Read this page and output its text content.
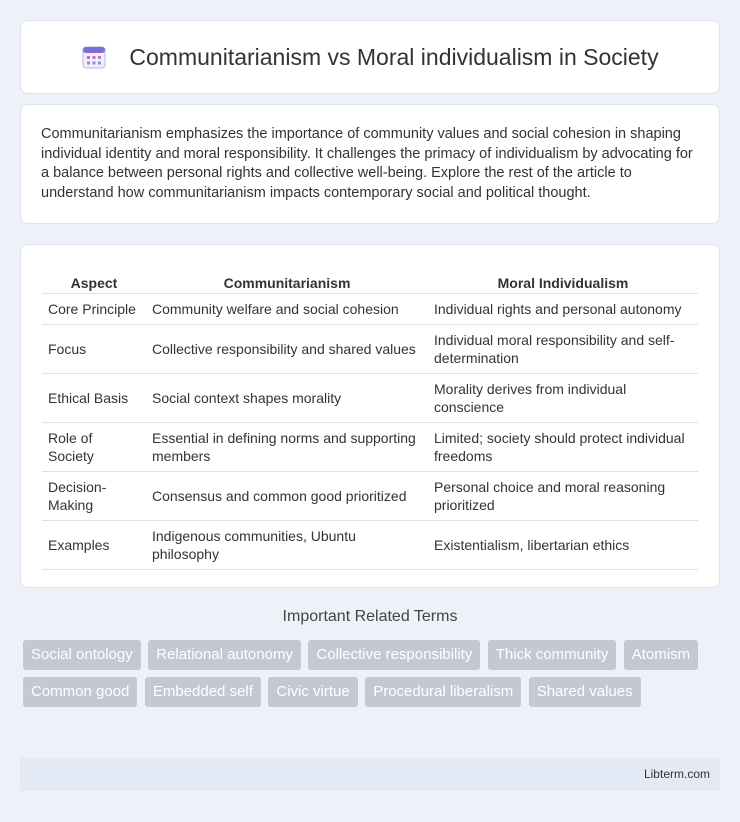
Communitarianism vs Moral individualism in Society

Communitarianism emphasizes the importance of community values and social cohesion in shaping individual identity and moral responsibility. It challenges the primacy of individualism by advocating for a balance between personal rights and collective well-being. Explore the rest of the article to understand how communitarianism impacts contemporary social and political thought.

Aspect	Communitarianism	Moral Individualism
Core Principle	Community welfare and social cohesion	Individual rights and personal autonomy
Focus	Collective responsibility and shared values	Individual moral responsibility and self-determination
Ethical Basis	Social context shapes morality	Morality derives from individual conscience
Role of Society	Essential in defining norms and supporting members	Limited; society should protect individual freedoms
Decision-Making	Consensus and common good prioritized	Personal choice and moral reasoning prioritized
Examples	Indigenous communities, Ubuntu philosophy	Existentialism, libertarian ethics
Important Related Terms
Social ontology Relational autonomy Collective responsibility Thick community Atomism Common good Embedded self Civic virtue Procedural liberalism Shared values
Libterm.com
